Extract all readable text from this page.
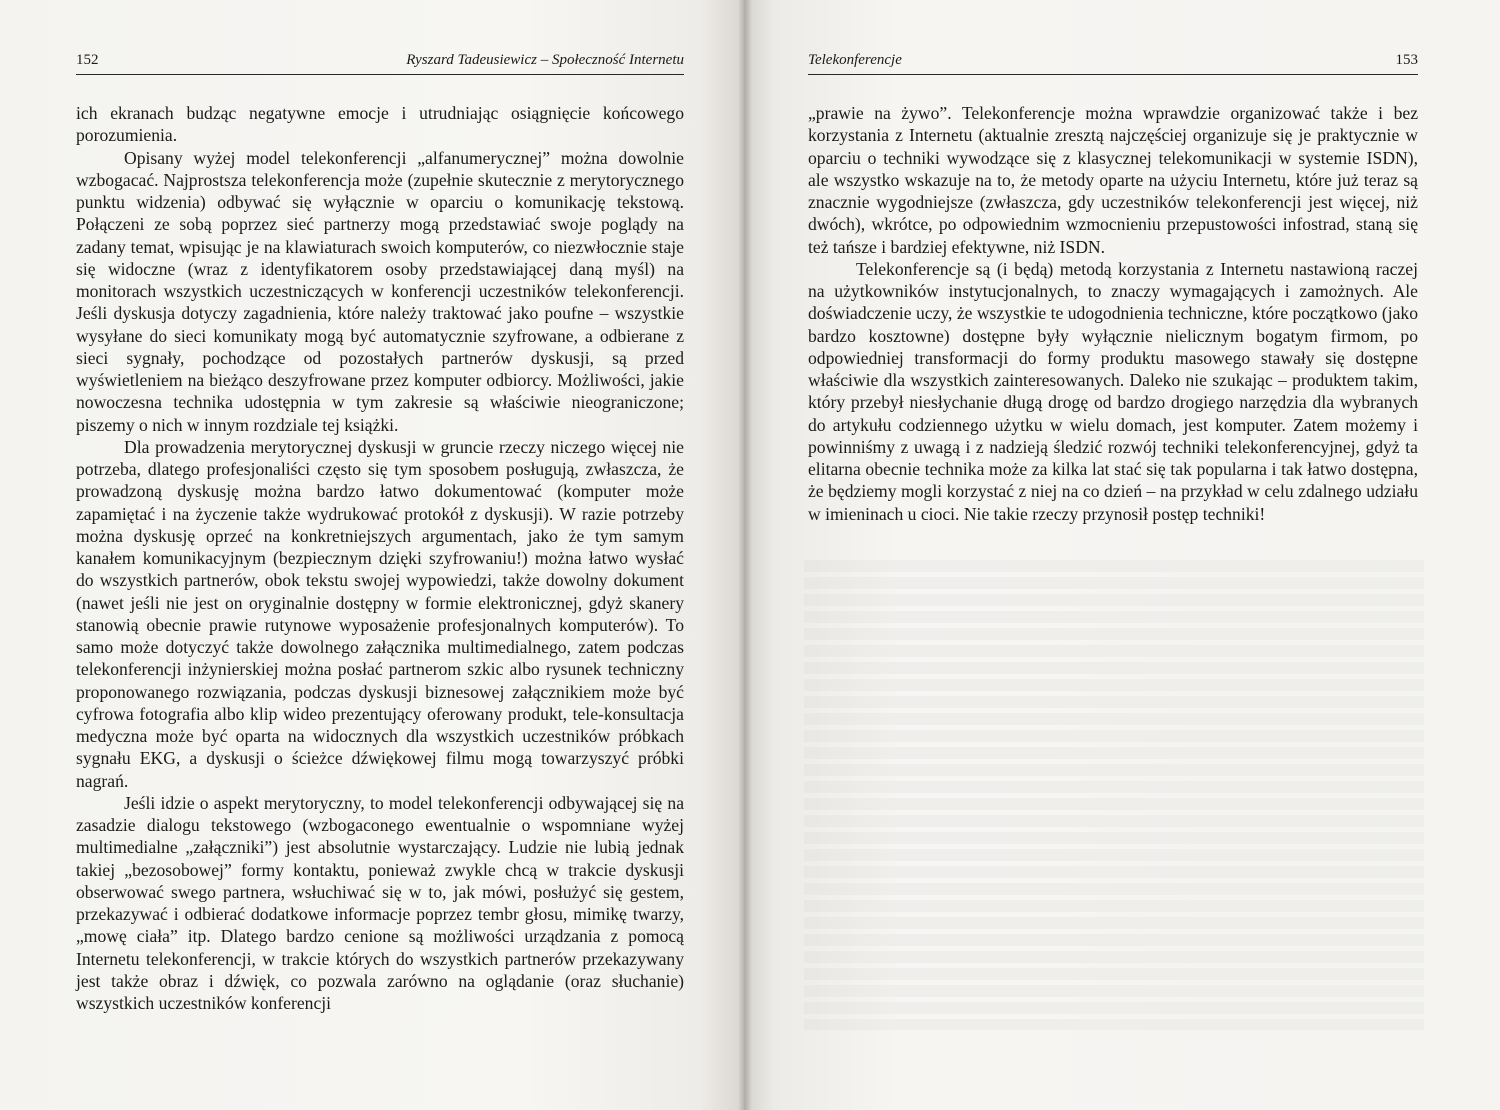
152	Ryszard Tadeusiewicz – Społeczność Internetu

ich ekranach budząc negatywne emocje i utrudniając osiągnięcie końcowego porozumienia.

Opisany wyżej model telekonferencji „alfanumerycznej” można dowolnie wzbogacać. Najprostsza telekonferencja może (zupełnie skutecznie z merytorycznego punktu widzenia) odbywać się wyłącznie w oparciu o komunikację tekstową. Połączeni ze sobą poprzez sieć partnerzy mogą przedstawiać swoje poglądy na zadany temat, wpisując je na klawiaturach swoich komputerów, co niezwłocznie staje się widoczne (wraz z identyfikatorem osoby przedstawiającej daną myśl) na monitorach wszystkich uczestniczących w konferencji uczestników telekonferencji. Jeśli dyskusja dotyczy zagadnienia, które należy traktować jako poufne – wszystkie wysyłane do sieci komunikaty mogą być automatycznie szyfrowane, a odbierane z sieci sygnały, pochodzące od pozostałych partnerów dyskusji, są przed wyświetleniem na bieżąco deszyfrowane przez komputer odbiorcy. Możliwości, jakie nowoczesna technika udostępnia w tym zakresie są właściwie nieograniczone; piszemy o nich w innym rozdziale tej książki.

Dla prowadzenia merytorycznej dyskusji w gruncie rzeczy niczego więcej nie potrzeba, dlatego profesjonaliści często się tym sposobem posługują, zwłaszcza, że prowadzoną dyskusję można bardzo łatwo dokumentować (komputer może zapamiętać i na życzenie także wydrukować protokół z dyskusji). W razie potrzeby można dyskusję oprzeć na konkretniejszych argumentach, jako że tym samym kanałem komunikacyjnym (bezpiecznym dzięki szyfrowaniu!) można łatwo wysłać do wszystkich partnerów, obok tekstu swojej wypowiedzi, także dowolny dokument (nawet jeśli nie jest on oryginalnie dostępny w formie elektronicznej, gdyż skanery stanowią obecnie prawie rutynowe wyposażenie profesjonalnych komputerów). To samo może dotyczyć także dowolnego załącznika multimedialnego, zatem podczas telekonferencji inżynierskiej można posłać partnerom szkic albo rysunek techniczny proponowanego rozwiązania, podczas dyskusji biznesowej załącznikiem może być cyfrowa fotografia albo klip wideo prezentujący oferowany produkt, tele-konsultacja medyczna może być oparta na widocznych dla wszystkich uczestników próbkach sygnału EKG, a dyskusji o ścieżce dźwiękowej filmu mogą towarzyszyć próbki nagrań.

Jeśli idzie o aspekt merytoryczny, to model telekonferencji odbywającej się na zasadzie dialogu tekstowego (wzbogaconego ewentualnie o wspomniane wyżej multimedialne „załączniki”) jest absolutnie wystarczający. Ludzie nie lubią jednak takiej „bezosobowej” formy kontaktu, ponieważ zwykle chcą w trakcie dyskusji obserwować swego partnera, wsłuchiwać się w to, jak mówi, posłużyć się gestem, przekazywać i odbierać dodatkowe informacje poprzez tembr głosu, mimikę twarzy, „mowę ciała” itp. Dlatego bardzo cenione są możliwości urządzania z pomocą Internetu telekonferencji, w trakcie których do wszystkich partnerów przekazywany jest także obraz i dźwięk, co pozwala zarówno na oglądanie (oraz słuchanie) wszystkich uczestników konferencji

Telekonferencje	153

„prawie na żywo”. Telekonferencje można wprawdzie organizować także i bez korzystania z Internetu (aktualnie zresztą najczęściej organizuje się je praktycznie w oparciu o techniki wywodzące się z klasycznej telekomunikacji w systemie ISDN), ale wszystko wskazuje na to, że metody oparte na użyciu Internetu, które już teraz są znacznie wygodniejsze (zwłaszcza, gdy uczestników telekonferencji jest więcej, niż dwóch), wkrótce, po odpowiednim wzmocnieniu przepustowości infostrad, staną się też tańsze i bardziej efektywne, niż ISDN.

Telekonferencje są (i będą) metodą korzystania z Internetu nastawioną raczej na użytkowników instytucjonalnych, to znaczy wymagających i zamożnych. Ale doświadczenie uczy, że wszystkie te udogodnienia techniczne, które początkowo (jako bardzo kosztowne) dostępne były wyłącznie nielicznym bogatym firmom, po odpowiedniej transformacji do formy produktu masowego stawały się dostępne właściwie dla wszystkich zainteresowanych. Daleko nie szukając – produktem takim, który przebył niesłychanie długą drogę od bardzo drogiego narzędzia dla wybranych do artykułu codziennego użytku w wielu domach, jest komputer. Zatem możemy i powinniśmy z uwagą i z nadzieją śledzić rozwój techniki telekonferencyjnej, gdyż ta elitarna obecnie technika może za kilka lat stać się tak popularna i tak łatwo dostępna, że będziemy mogli korzystać z niej na co dzień – na przykład w celu zdalnego udziału w imieninach u cioci. Nie takie rzeczy przynosił postęp techniki!
